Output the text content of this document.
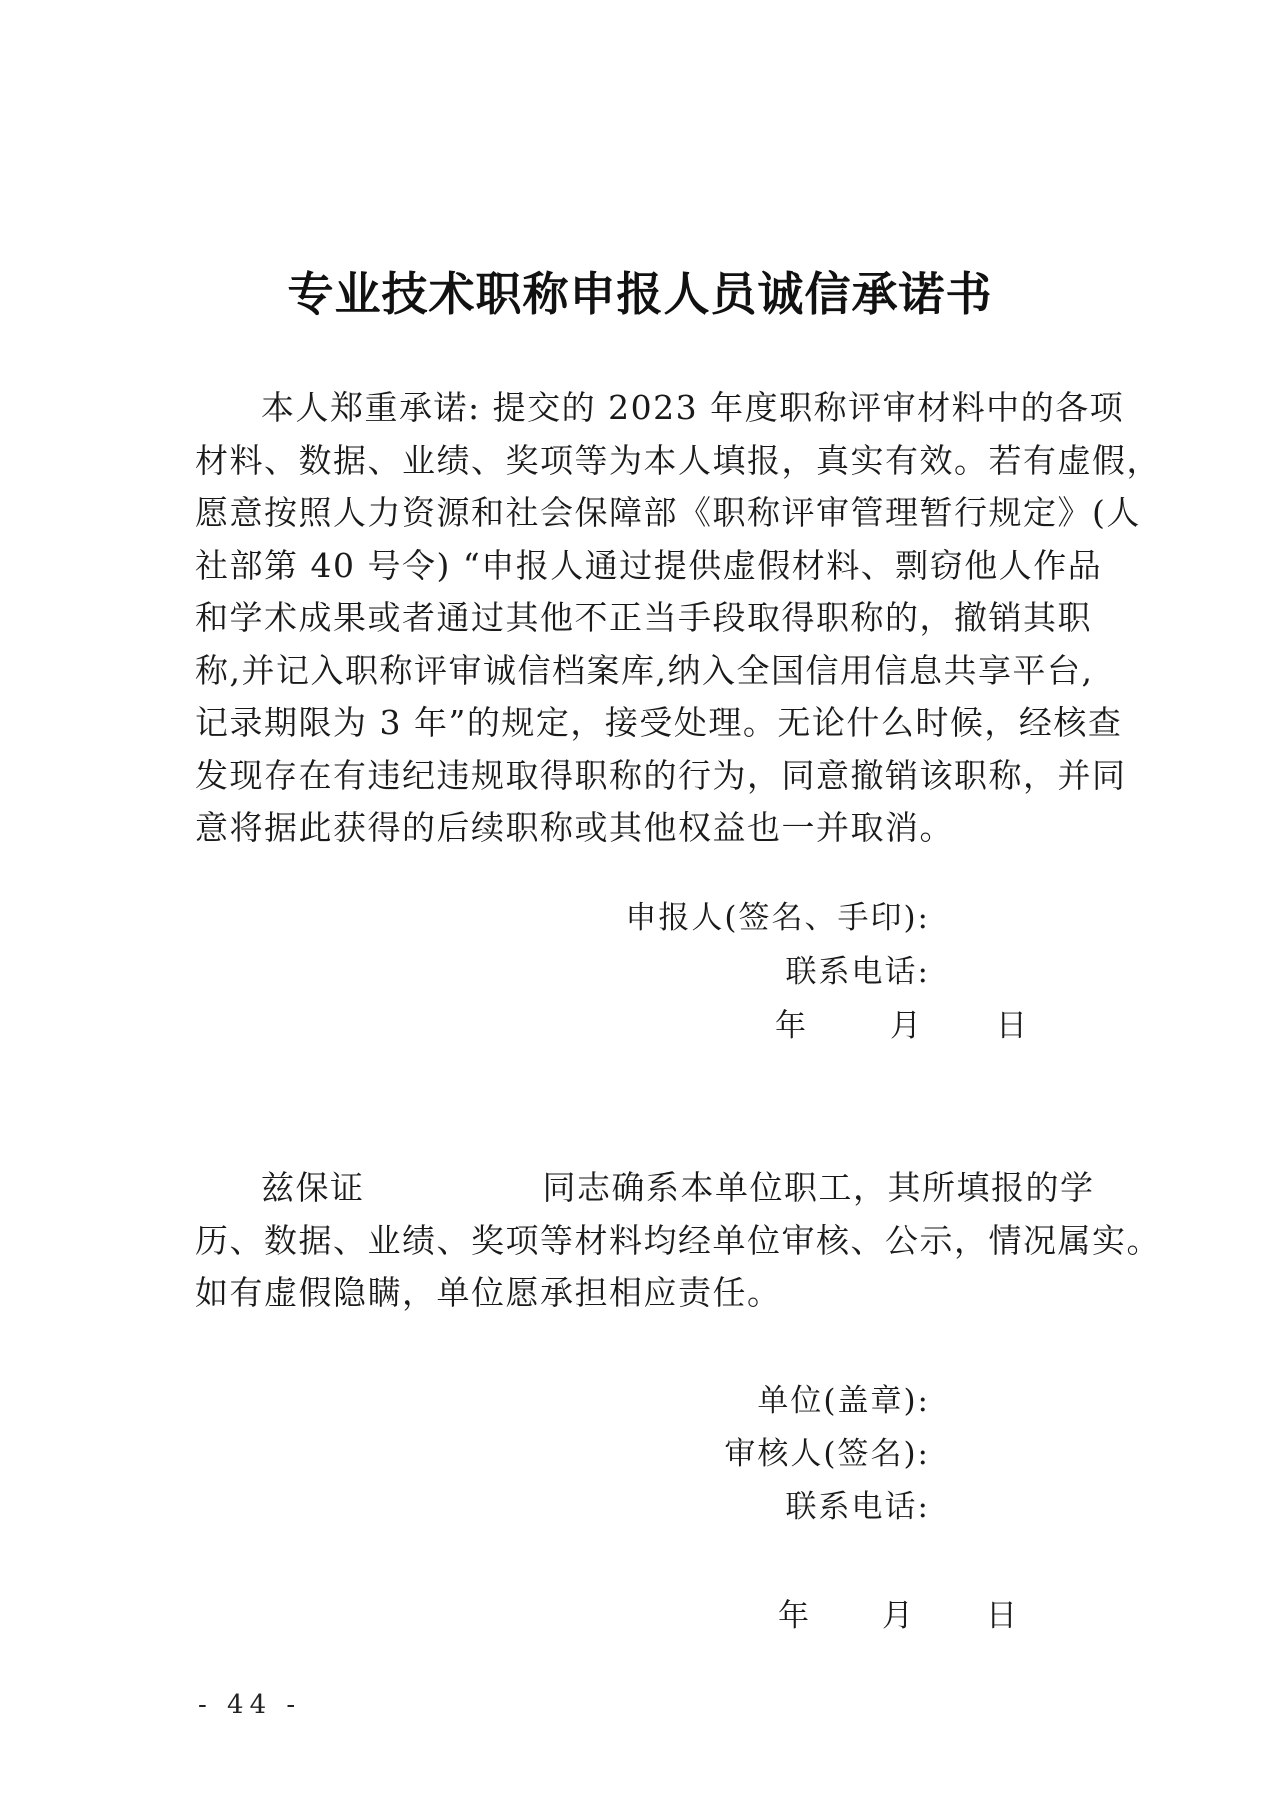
专业技术职称申报人员诚信承诺书
本人郑重承诺: 提交的 2023 年度职称评审材料中的各项
材料、数据、业绩、奖项等为本人填报，真实有效。若有虚假，
愿意按照人力资源和社会保障部《职称评审管理暂行规定》(人
社部第 40 号令) “申报人通过提供虚假材料、剽窃他人作品
和学术成果或者通过其他不正当手段取得职称的，撤销其职
称,并记入职称评审诚信档案库,纳入全国信用信息共享平台,
记录期限为 3 年”的规定，接受处理。无论什么时候，经核查
发现存在有违纪违规取得职称的行为，同意撤销该职称，并同
意将据此获得的后续职称或其他权益也一并取消。
申报人(签名、手印):
联系电话:
年	月 日
兹保证	同志确系本单位职工，其所填报的学
历、数据、业绩、奖项等材料均经单位审核、公示，情况属实。
如有虚假隐瞒，单位愿承担相应责任。
单位(盖章):
审核人(签名):
联系电话:
年 月 日
- 44 -
